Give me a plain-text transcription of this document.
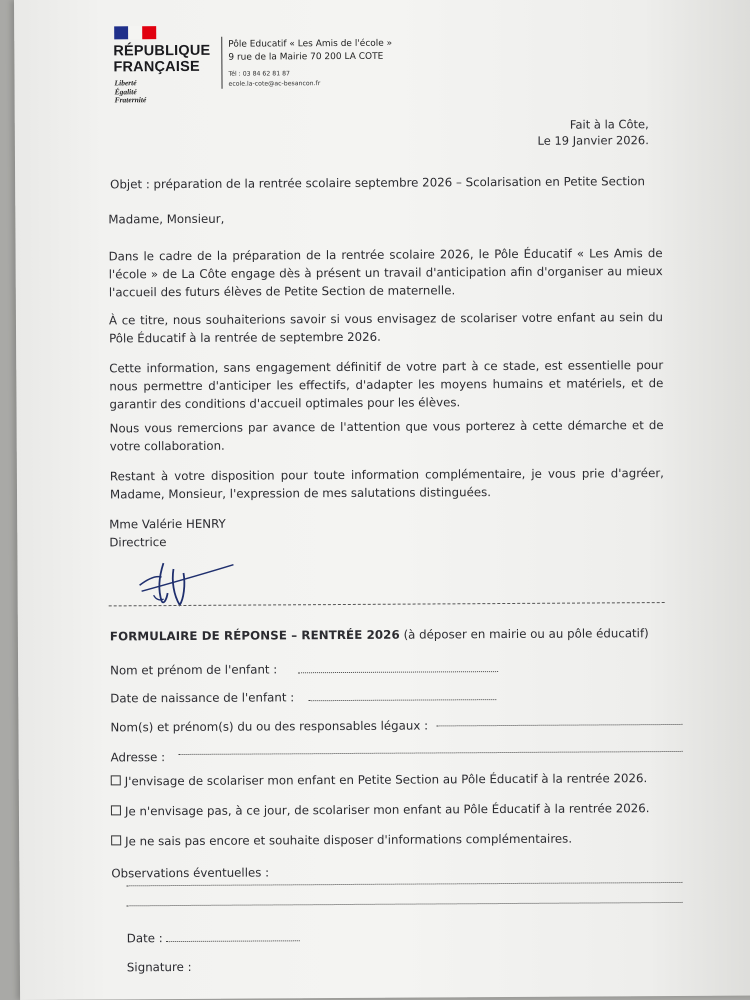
RÉPUBLIQUE
FRANÇAISE
Liberté
Égalité
Fraternité
Pôle Educatif « Les Amis de l'école »
9 rue de la Mairie 70 200 LA COTE
Tél : 03 84 62 81 87
ecole.la-cote@ac-besancon.fr
Fait à la Côte,
Le 19 Janvier 2026.
Objet : préparation de la rentrée scolaire septembre 2026 – Scolarisation en Petite Section
Madame, Monsieur,
Dans le cadre de la préparation de la rentrée scolaire 2026, le Pôle Éducatif « Les Amis de l'école » de La Côte engage dès à présent un travail d'anticipation afin d'organiser au mieux l'accueil des futurs élèves de Petite Section de maternelle.
À ce titre, nous souhaiterions savoir si vous envisagez de scolariser votre enfant au sein du Pôle Éducatif à la rentrée de septembre 2026.
Cette information, sans engagement définitif de votre part à ce stade, est essentielle pour nous permettre d'anticiper les effectifs, d'adapter les moyens humains et matériels, et de garantir des conditions d'accueil optimales pour les élèves.
Nous vous remercions par avance de l'attention que vous porterez à cette démarche et de votre collaboration.
Restant à votre disposition pour toute information complémentaire, je vous prie d'agréer, Madame, Monsieur, l'expression de mes salutations distinguées.
Mme Valérie HENRY
Directrice
FORMULAIRE DE RÉPONSE – RENTRÉE 2026 (à déposer en mairie ou au pôle éducatif)
Nom et prénom de l'enfant :
Date de naissance de l'enfant :
Nom(s) et prénom(s) du ou des responsables légaux :
Adresse :
J'envisage de scolariser mon enfant en Petite Section au Pôle Éducatif à la rentrée 2026.
Je n'envisage pas, à ce jour, de scolariser mon enfant au Pôle Éducatif à la rentrée 2026.
Je ne sais pas encore et souhaite disposer d'informations complémentaires.
Observations éventuelles :
Date :
Signature :
